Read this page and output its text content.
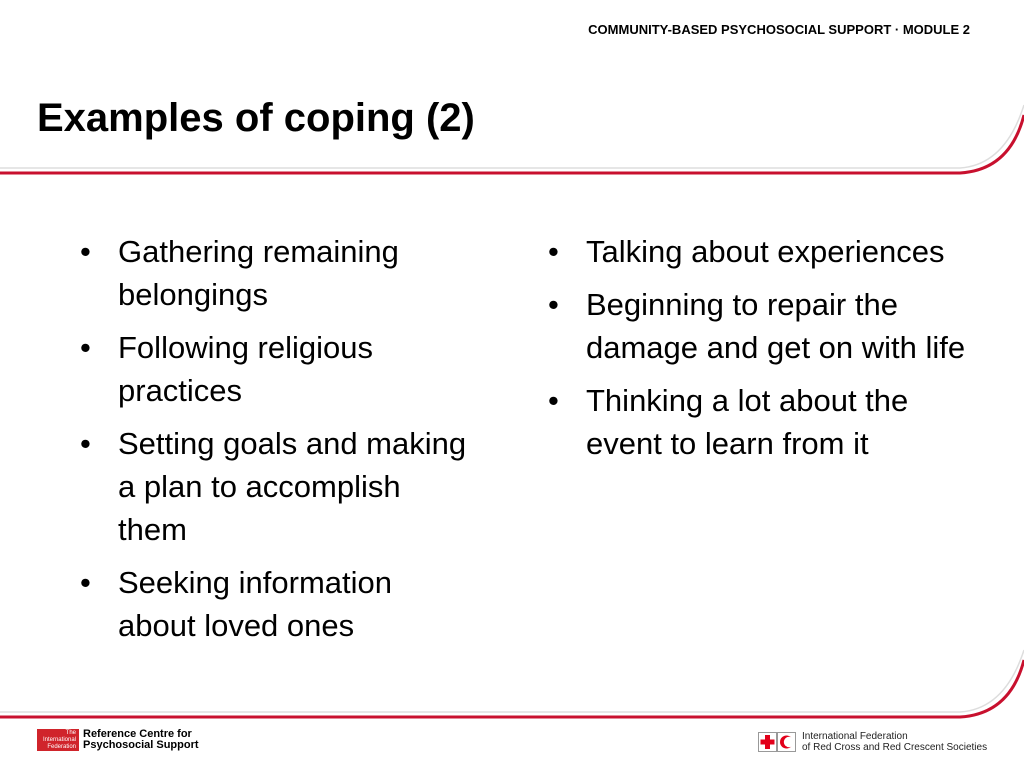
COMMUNITY-BASED PSYCHOSOCIAL SUPPORT · MODULE 2
Examples of coping (2)
• Gathering remaining belongings
• Following religious practices
• Setting goals and making a plan to accomplish them
• Seeking information about loved ones
• Talking about experiences
• Beginning to repair the damage and get on with life
• Thinking a lot about the event to learn from it
The
International
Federation
Reference Centre for
Psychosocial Support
International Federation
of Red Cross and Red Crescent Societies
